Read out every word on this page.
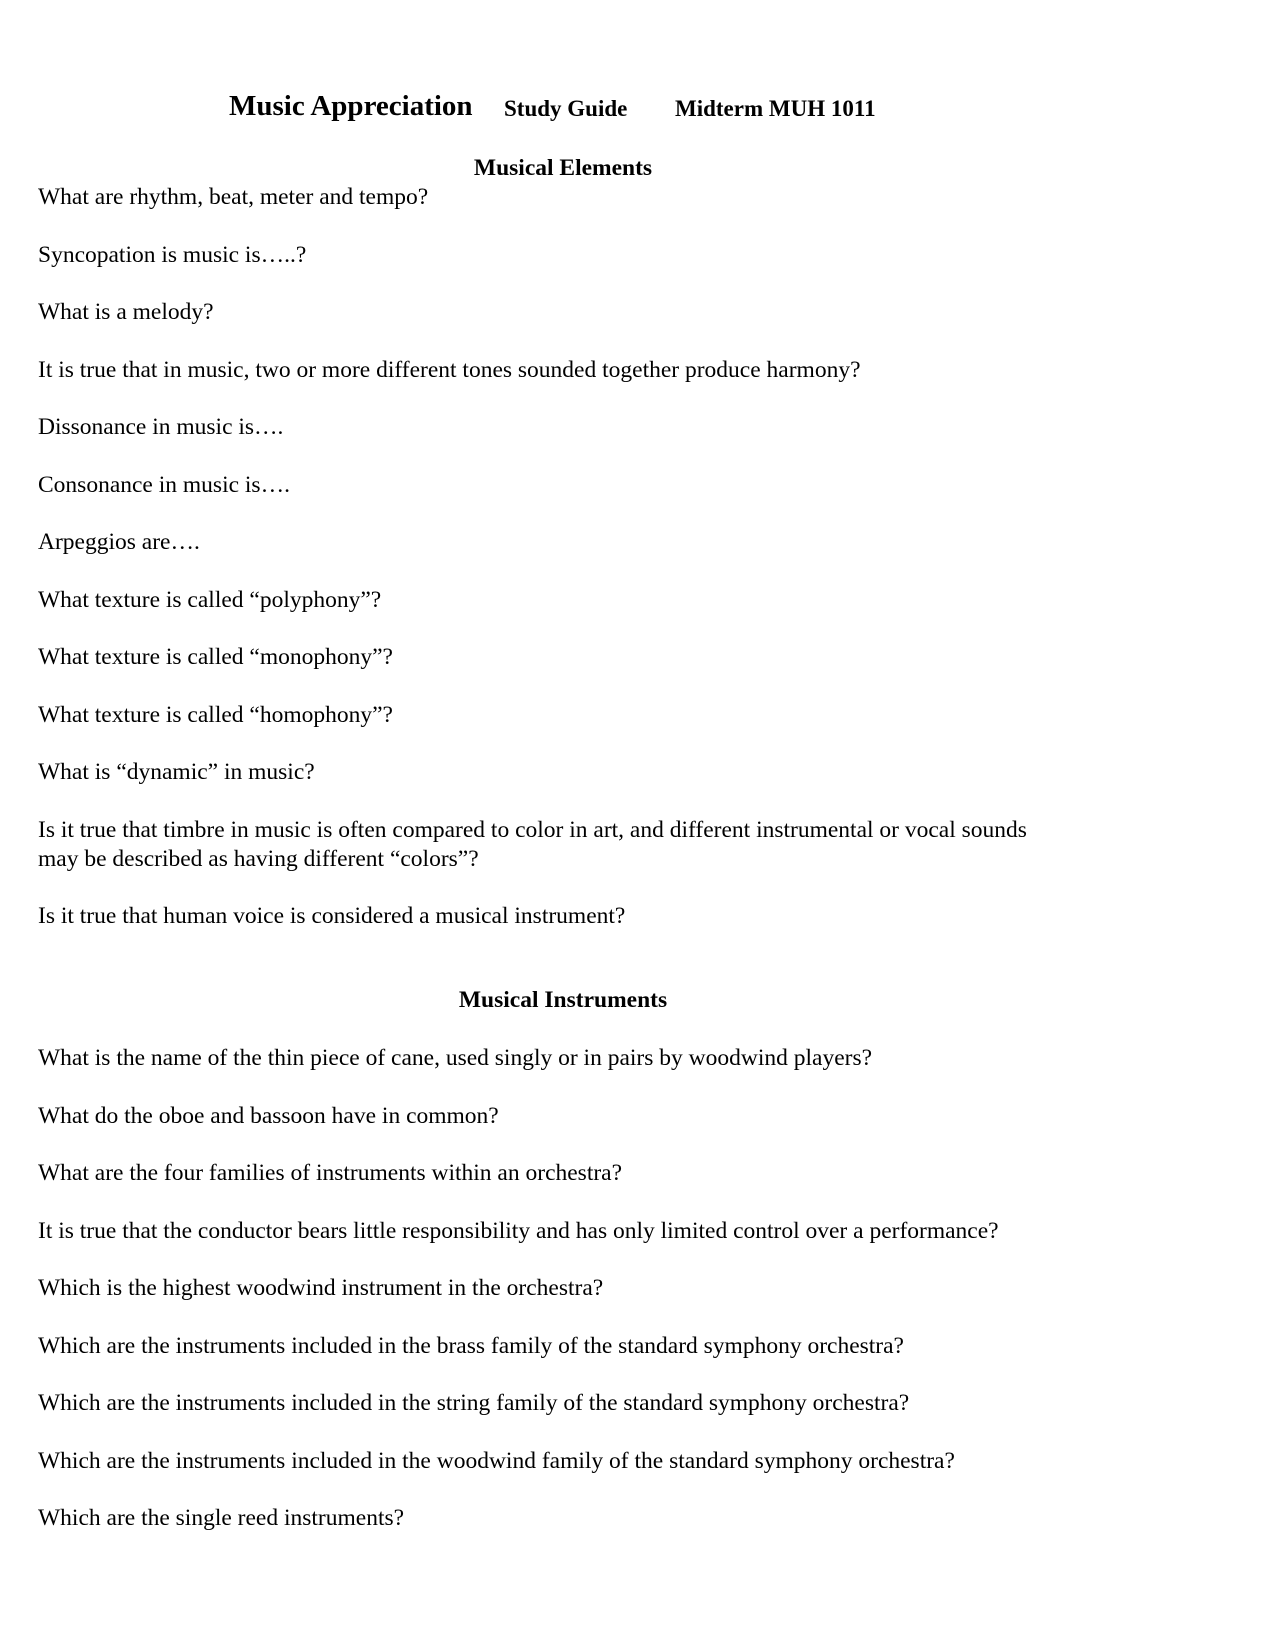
Music Appreciation Study Guide Midterm MUH 1011
Musical Elements
What are rhythm, beat, meter and tempo?
Syncopation is music is…..?
What is a melody?
It is true that in music, two or more different tones sounded together produce harmony?
Dissonance in music is….
Consonance in music is….
Arpeggios are….
What texture is called “polyphony”?
What texture is called “monophony”?
What texture is called “homophony”?
What is “dynamic” in music?
Is it true that timbre in music is often compared to color in art, and different instrumental or vocal sounds may be described as having different “colors”?
Is it true that human voice is considered a musical instrument?
Musical Instruments
What is the name of the thin piece of cane, used singly or in pairs by woodwind players?
What do the oboe and bassoon have in common?
What are the four families of instruments within an orchestra?
It is true that the conductor bears little responsibility and has only limited control over a performance?
Which is the highest woodwind instrument in the orchestra?
Which are the instruments included in the brass family of the standard symphony orchestra?
Which are the instruments included in the string family of the standard symphony orchestra?
Which are the instruments included in the woodwind family of the standard symphony orchestra?
Which are the single reed instruments?
